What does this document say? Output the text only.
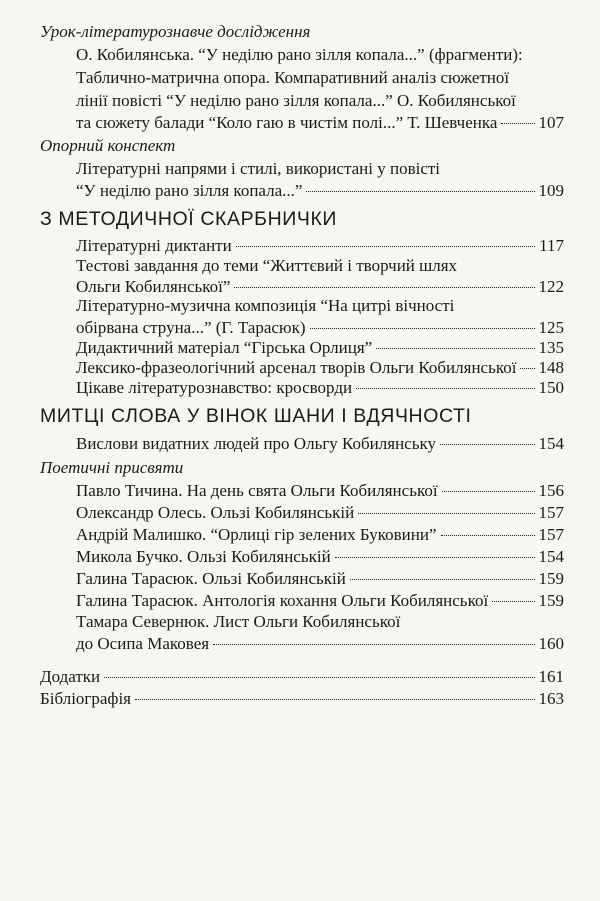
Урок-літературознавче дослідження
О. Кобилянська. “У неділю рано зілля копала...” (фрагменти):
Таблично-матрична опора. Компаративний аналіз сюжетної
лінії повісті “У неділю рано зілля копала...” О. Кобилянської
та сюжету балади “Коло гаю в чистім полі...” Т. Шевченка 107
Опорний конспект
Літературні напрями і стилі, використані у повісті
“У неділю рано зілля копала...”	109
З МЕТОДИЧНОЇ СКАРБНИЧКИ
Літературні диктанти	117
Тестові завдання до теми “Життєвий і творчий шлях
Ольги Кобилянської”	122
Літературно-музична композиція “На цитрі вічності
обірвана струна...” (Г. Тарасюк)	125
Дидактичний матеріал “Гірська Орлиця”	135
Лексико-фразеологічний арсенал творів Ольги Кобилянської 148
Цікаве літературознавство: кросворди	150
МИТЦІ СЛОВА У ВІНОК ШАНИ І ВДЯЧНОСТІ
Вислови видатних людей про Ольгу Кобилянську	154
Поетичні присвяти
Павло Тичина. На день свята Ольги Кобилянської	156
Олександр Олесь. Ользі Кобилянській	157
Андрій Малишко. “Орлиці гір зелених Буковини”	157
Микола Бучко. Ользі Кобилянській	154
Галина Тарасюк. Ользі Кобилянській	159
Галина Тарасюк. Антологія кохання Ольги Кобилянської	159
Тамара Севернюк. Лист Ольги Кобилянської
до Осипа Маковея	160
Додатки	161
Бібліографія	163
